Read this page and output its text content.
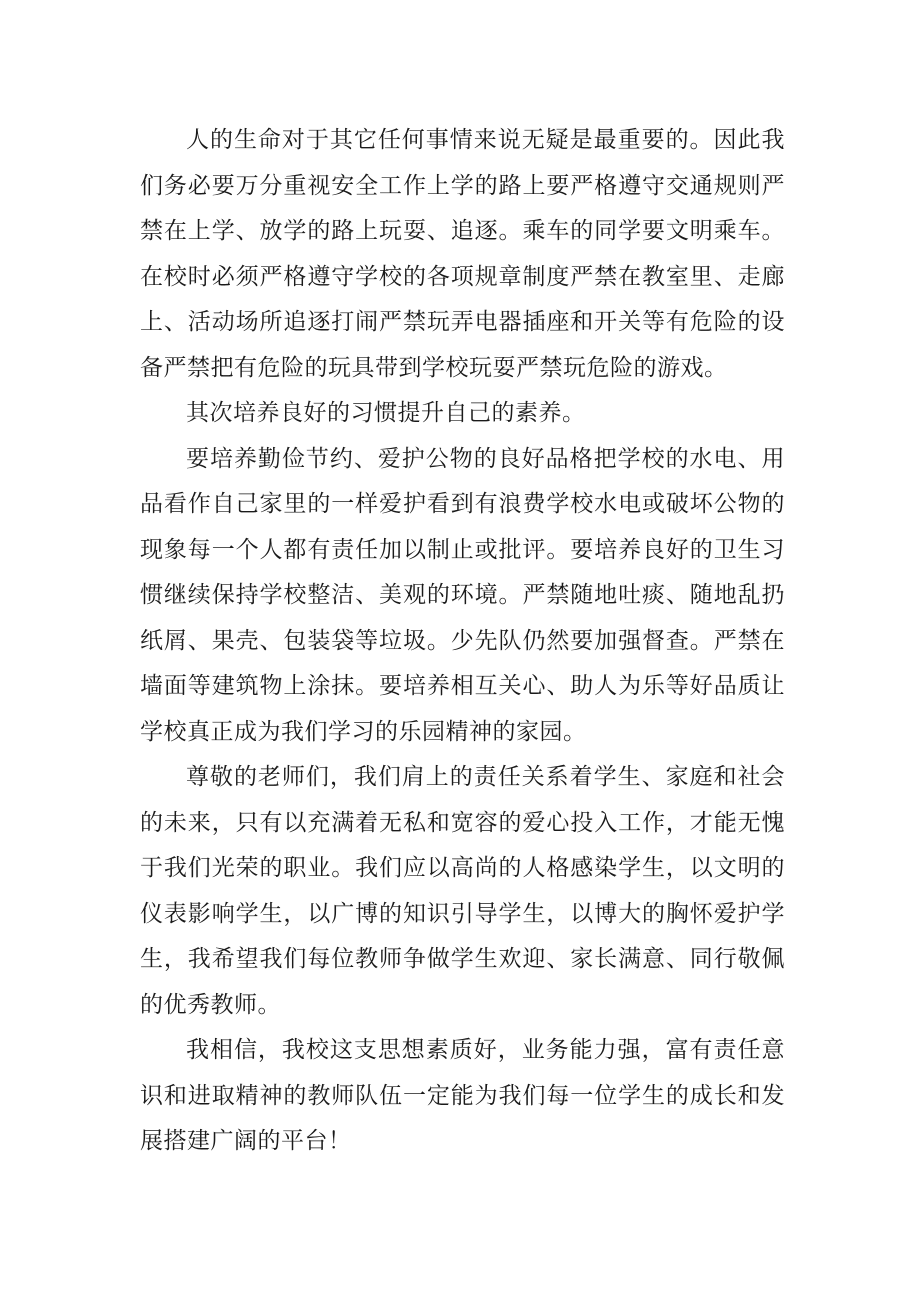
人的生命对于其它任何事情来说无疑是最重要的。因此我们务必要万分重视安全工作上学的路上要严格遵守交通规则严禁在上学、放学的路上玩耍、追逐。乘车的同学要文明乘车。在校时必须严格遵守学校的各项规章制度严禁在教室里、走廊上、活动场所追逐打闹严禁玩弄电器插座和开关等有危险的设备严禁把有危险的玩具带到学校玩耍严禁玩危险的游戏。

其次培养良好的习惯提升自己的素养。

要培养勤俭节约、爱护公物的良好品格把学校的水电、用品看作自己家里的一样爱护看到有浪费学校水电或破坏公物的现象每一个人都有责任加以制止或批评。要培养良好的卫生习惯继续保持学校整洁、美观的环境。严禁随地吐痰、随地乱扔纸屑、果壳、包装袋等垃圾。少先队仍然要加强督查。严禁在墙面等建筑物上涂抹。要培养相互关心、助人为乐等好品质让学校真正成为我们学习的乐园精神的家园。

尊敬的老师们，我们肩上的责任关系着学生、家庭和社会的未来，只有以充满着无私和宽容的爱心投入工作，才能无愧于我们光荣的职业。我们应以高尚的人格感染学生，以文明的仪表影响学生，以广博的知识引导学生，以博大的胸怀爱护学生，我希望我们每位教师争做学生欢迎、家长满意、同行敬佩的优秀教师。

我相信，我校这支思想素质好，业务能力强，富有责任意识和进取精神的教师队伍一定能为我们每一位学生的成长和发展搭建广阔的平台！
